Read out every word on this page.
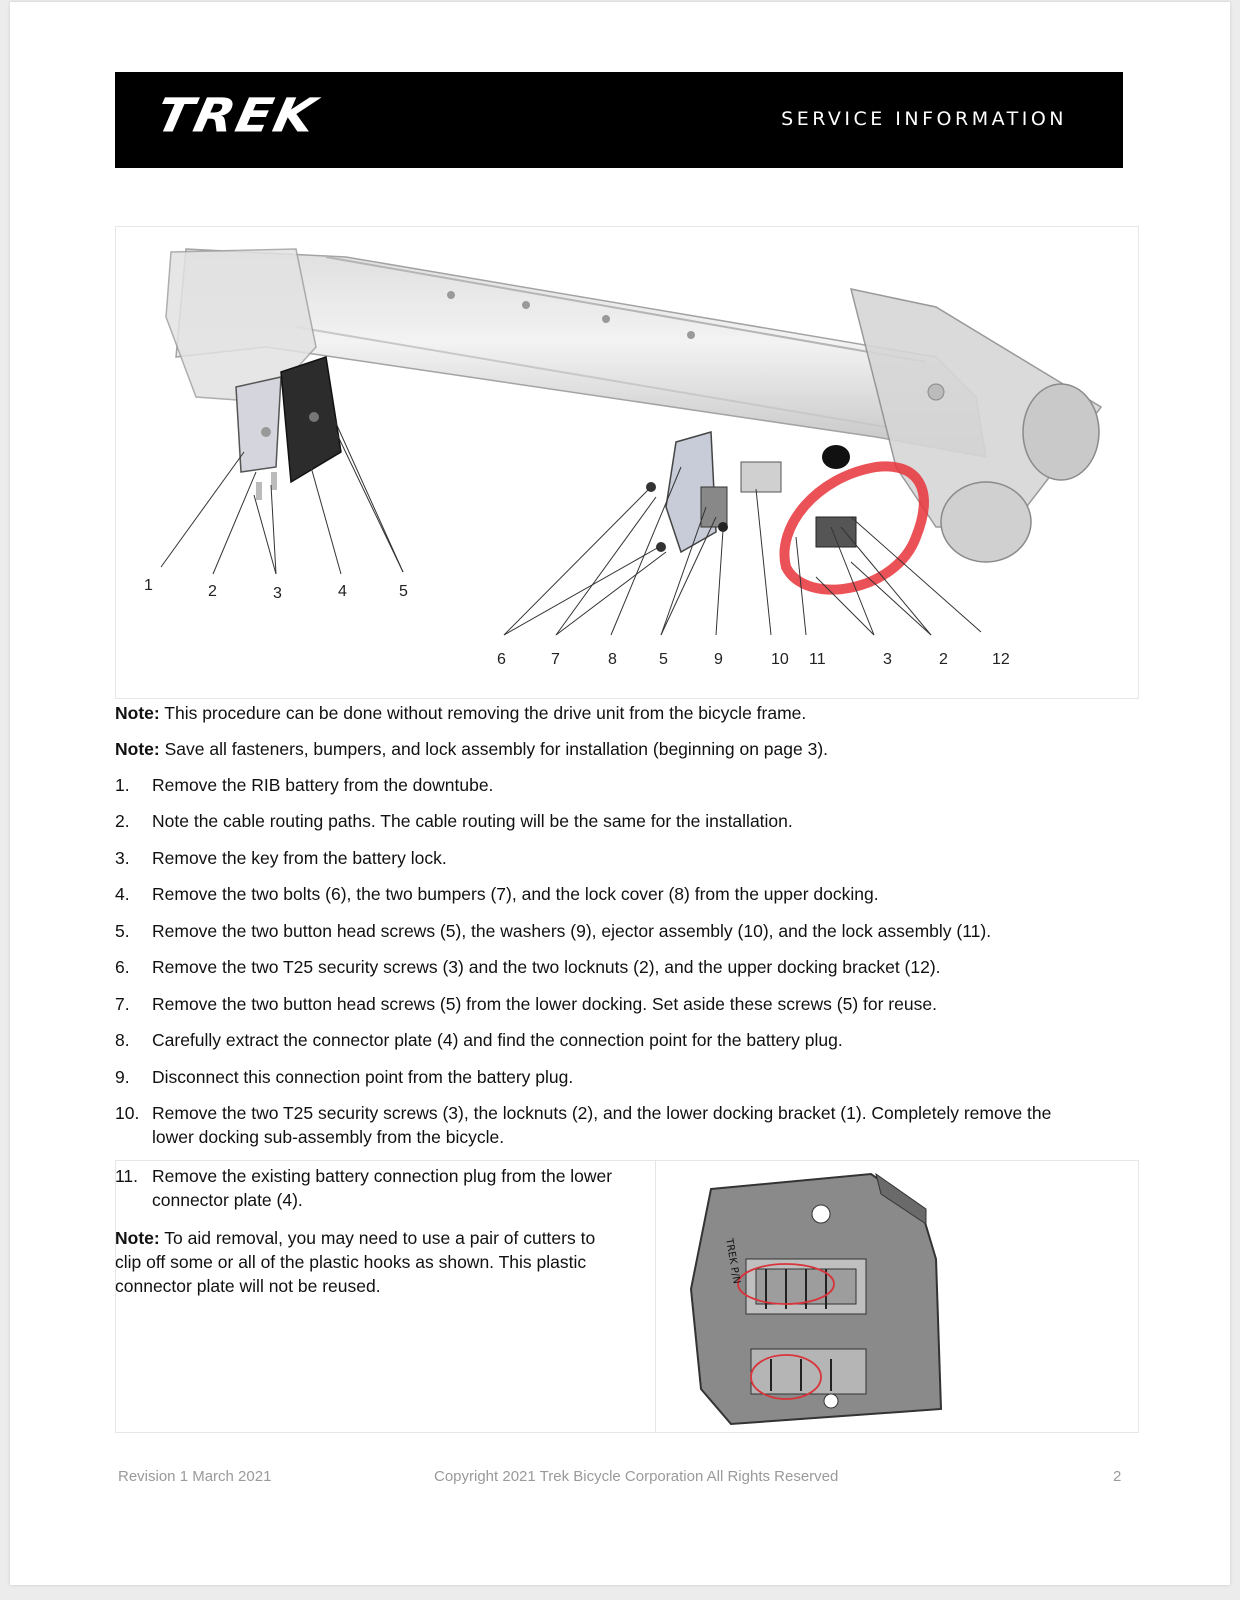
TREK	SERVICE INFORMATION
1	2	3	4	5
6	7	8	5	9	10 11	3	2	12
Note: This procedure can be done without removing the drive unit from the bicycle frame.
Note: Save all fasteners, bumpers, and lock assembly for installation (beginning on page 3).
1. Remove the RIB battery from the downtube.
2. Note the cable routing paths. The cable routing will be the same for the installation.
3. Remove the key from the battery lock.
4. Remove the two bolts (6), the two bumpers (7), and the lock cover (8) from the upper docking.
5. Remove the two button head screws (5), the washers (9), ejector assembly (10), and the lock assembly (11).
6. Remove the two T25 security screws (3) and the two locknuts (2), and the upper docking bracket (12).
7. Remove the two button head screws (5) from the lower docking. Set aside these screws (5) for reuse.
8. Carefully extract the connector plate (4) and find the connection point for the battery plug.
9. Disconnect this connection point from the battery plug.
10. Remove the two T25 security screws (3), the locknuts (2), and the lower docking bracket (1). Completely remove the
lower docking sub-assembly from the bicycle.
TREK P/N
11. Remove the existing battery connection plug from the lower
connector plate (4).
Note: To aid removal, you may need to use a pair of cutters to
clip off some or all of the plastic hooks as shown. This plastic
connector plate will not be reused.
Revision 1 March 2021	Copyright 2021 Trek Bicycle Corporation All Rights Reserved	2
